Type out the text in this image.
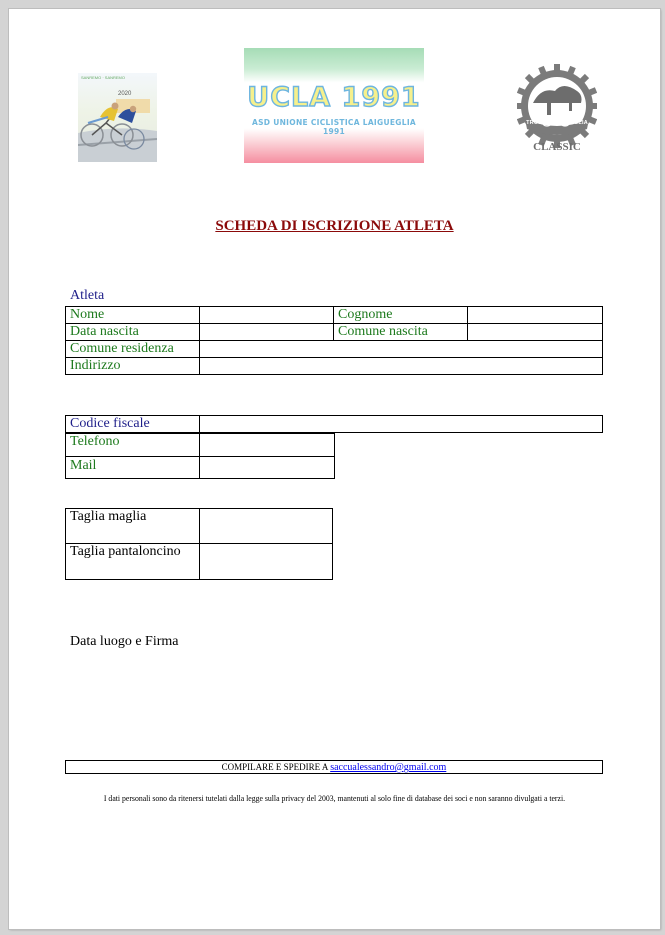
SANREMO · SANREMO
2020	UCLA 1991
ASD UNIONE CICLISTICA LAIGUEGLIA 1991
TROFEO LAIGUEGLIA
CLASSIC
SCHEDA DI ISCRIZIONE ATLETA
Atleta
Nome		Cognome	
Data nascita		Comune nascita	
Comune residenza			
Indirizzo			
Codice fiscale	
Telefono	
Mail	
Taglia maglia	
Taglia pantaloncino	
Data luogo e Firma
COMPILARE E SPEDIRE A saccualessandro@gmail.com
I dati personali sono da ritenersi tutelati dalla legge sulla privacy del 2003, mantenuti al solo fine di database dei soci e non saranno divulgati a terzi.
